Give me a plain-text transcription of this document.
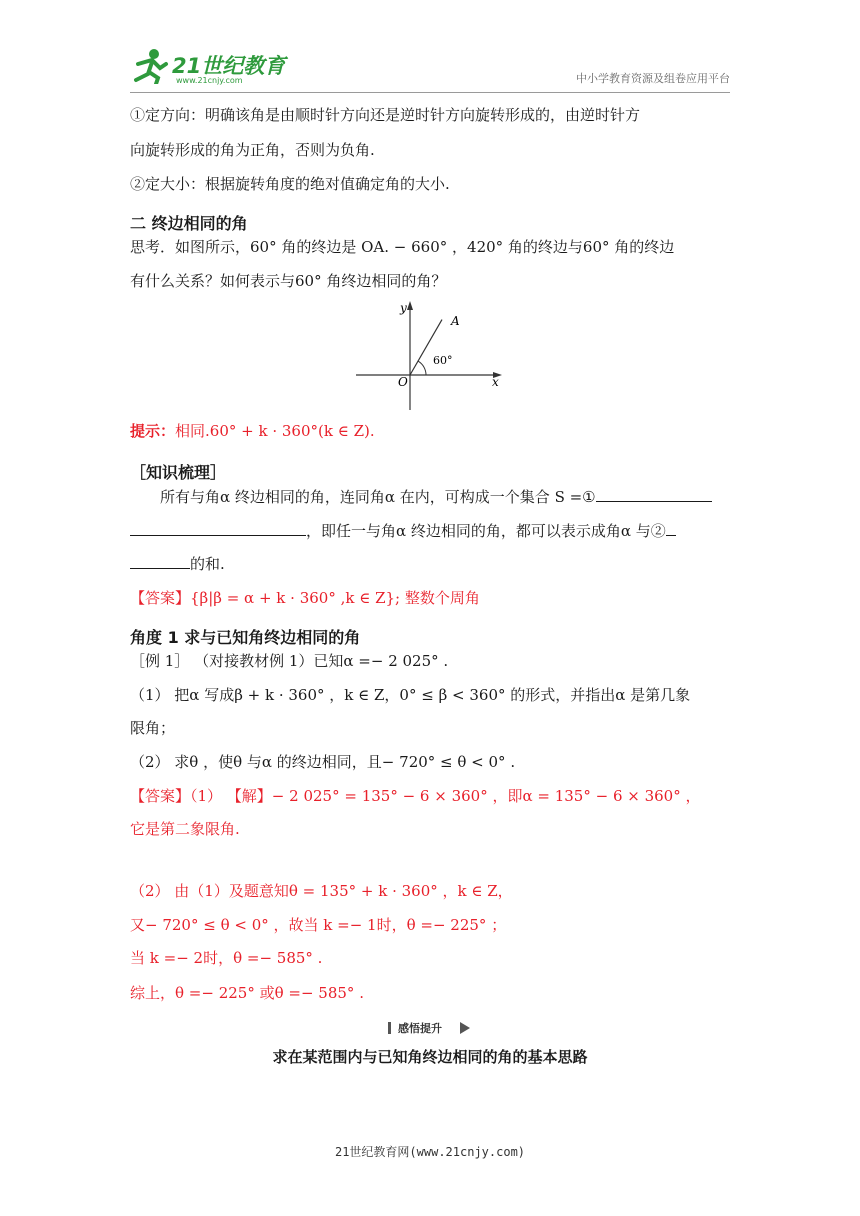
21世纪教育
www.21cnjy.com	中小学教育资源及组卷应用平台
①定方向：明确该角是由顺时针方向还是逆时针方向旋转形成的，由逆时针方
向旋转形成的角为正角，否则为负角.
②定大小：根据旋转角度的绝对值确定角的大小.
二 终边相同的角
思考．如图所示，60° 角的终边是 OA. − 660° ，420° 角的终边与60° 角的终边
有什么关系？如何表示与60° 角终边相同的角？
y
x
O
A
60°
提示：相同.60° + k · 360°(k ∈ Z).
［知识梳理］
所有与角α 终边相同的角，连同角α 在内，可构成一个集合 S =①
，即任一与角α 终边相同的角，都可以表示成角α 与②
的和.
【答案】{β|β = α + k · 360° ,k ∈ Z}; 整数个周角
角度 1 求与已知角终边相同的角
［例 1］ （对接教材例 1）已知α =− 2 025° .
（1） 把α 写成β + k · 360° ，k ∈ Z，0° ≤ β < 360° 的形式，并指出α 是第几象
限角；
（2） 求θ ，使θ 与α 的终边相同，且− 720° ≤ θ < 0° .
【答案】（1） 【解】− 2 025° = 135° − 6 × 360° ，即α = 135° − 6 × 360° ，
它是第二象限角.
（2） 由（1）及题意知θ = 135° + k · 360° ，k ∈ Z，
又− 720° ≤ θ < 0° ，故当 k =− 1时，θ =− 225° ；
当 k =− 2时，θ =− 585° .
综上，θ =− 225° 或θ =− 585° .
感悟提升
求在某范围内与已知角终边相同的角的基本思路
21世纪教育网(www.21cnjy.com)
